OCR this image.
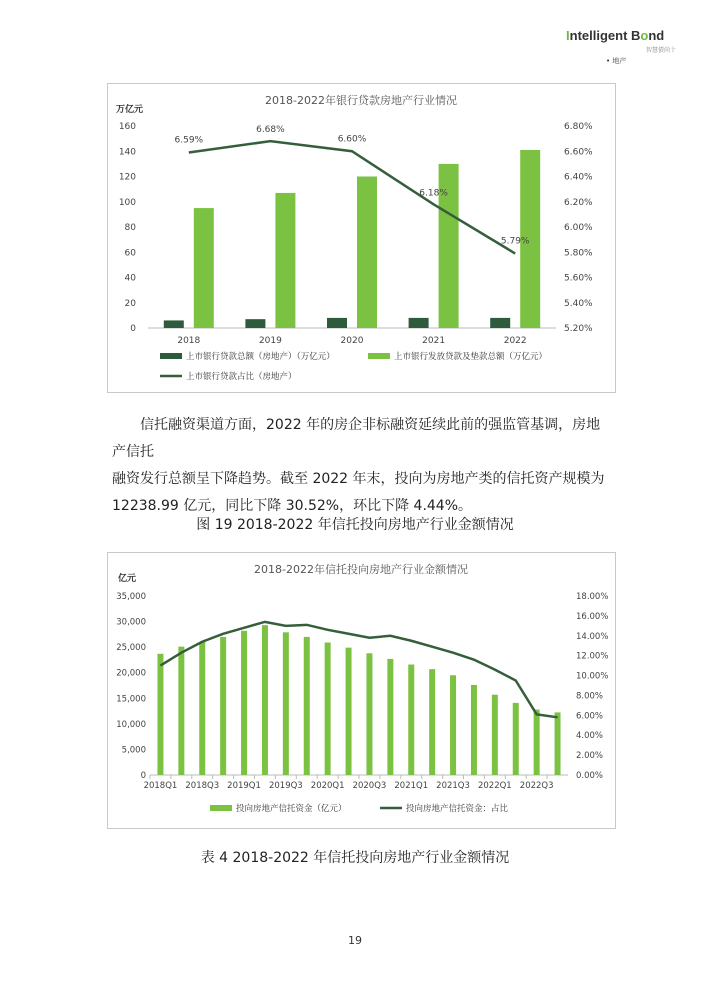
Intelligent Bond
智慧債尚十
• 地产
2018-2022年银行贷款房地产行业情况
万亿元
0
20
40
60
80
100
120
140
160
5.20%
5.40%
5.60%
5.80%
6.00%
6.20%
6.40%
6.60%
6.80%
2018	2019	2020	2021	2022
6.59%
6.68%
6.60%
6.18%
5.79%
上市银行贷款总额（房地产）（万亿元）	上市银行发放贷款及垫款总额（万亿元）
上市银行贷款占比（房地产）
信托融资渠道方面，2022 年的房企非标融资延续此前的强监管基调，房地产信托
融资发行总额呈下降趋势。截至 2022 年末，投向为房地产类的信托资产规模为
12238.99 亿元，同比下降 30.52%，环比下降 4.44%。
图 19 2018-2022 年信托投向房地产行业金额情况
2018-2022年信托投向房地产行业金额情况
亿元
0
5,000
10,000
15,000
20,000
25,000
30,000
35,000
0.00%
2.00%
4.00%
6.00%
8.00%
10.00%
12.00%
14.00%
16.00%
18.00%
2018Q1 2018Q3 2019Q1 2019Q3 2020Q1 2020Q3 2021Q1 2021Q3 2022Q1 2022Q3
投向房地产信托资金（亿元）	投向房地产信托资金：占比
表 4 2018-2022 年信托投向房地产行业金额情况
19
